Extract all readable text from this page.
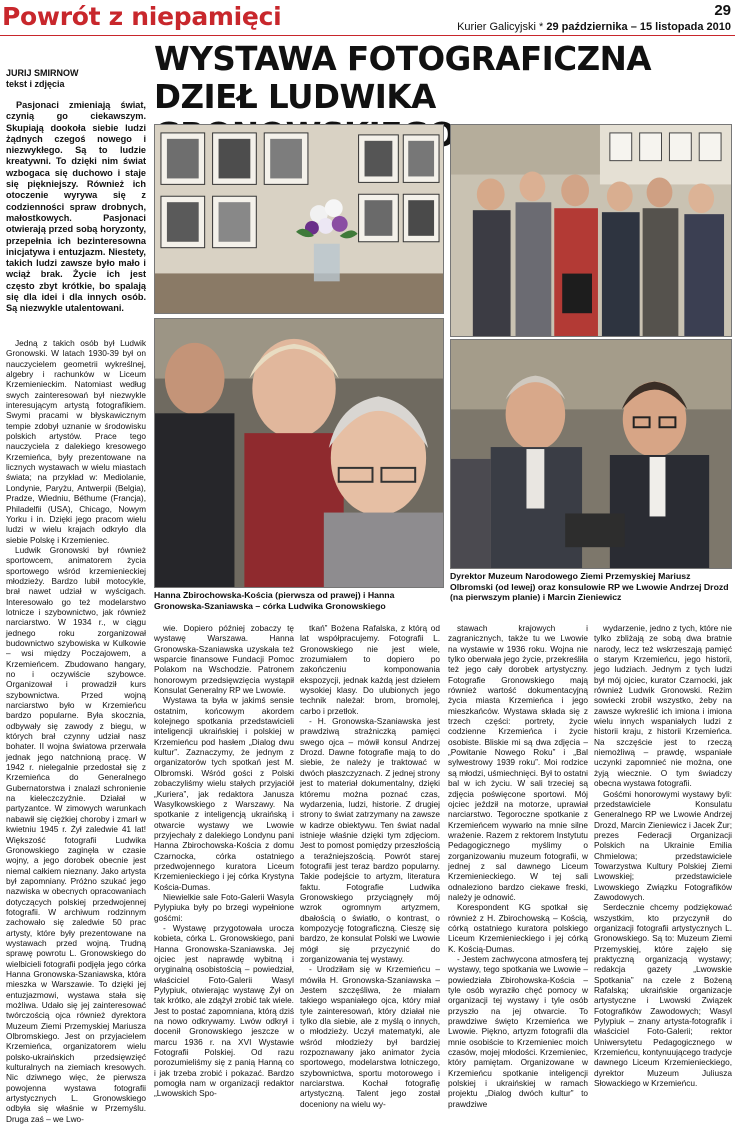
Powrót z niepamięci	29
Kurier Galicyjski * 29 października – 15 listopada 2010
WYSTAWA FOTOGRAFICZNA DZIEŁ LUDWIKA
JURIJ SMIRNOW
tekst i zdjęcia

Pasjonaci zmieniają świat, czynią go ciekawszym. Skupiają dookoła siebie ludzi żądnych czegoś nowego i niezwykłego. Są to ludzie kreatywni. To dzięki nim świat wzbogaca się duchowo i staje się piękniejszy. Również ich otoczenie wyrywa się z codzienności spraw drobnych, małostkowych. Pasjonaci otwierają przed sobą horyzonty, przepełnia ich bezinteresowna inicjatywa i entuzjazm. Niestety, takich ludzi zawsze było mało i wciąż brak. Życie ich jest często zbyt krótkie, bo spalają się dla idei i dla innych osób. Są niezwykle utalentowani.

Jedną z takich osób był Ludwik Gronowski. W latach 1930-39 był on nauczycielem geometrii wykreślnej, algebry i rachunków w Liceum Krzemienieckim. Natomiast według swych zainteresowań był niezwykle interesującym artystą fotografikiem. Swymi pracami w błyskawicznym tempie zdobył uznanie w środowisku polskich artystów. Prace tego nauczyciela z dalekiego kresowego Krzemieńca, były prezentowane na licznych wystawach w wielu miastach świata; na przykład w: Mediolanie, Londynie, Paryżu, Antwerpii (Belgia), Pradze, Wiedniu, Béthume (Francja), Philadelfii (USA), Chicago, Nowym Yorku i in. Dzięki jego pracom wielu ludzi w wielu krajach odkryło dla siebie Polskę i Krzemieniec.

Ludwik Gronowski był również sportowcem, animatorem życia sportowego wśród krzemienieckiej młodzieży. Bardzo lubił motocykle, brał nawet udział w wyścigach. Interesowało go też modelarstwo lotnicze i szybownictwo, jak również narciarstwo. W 1934 r., w ciągu jednego roku zorganizował budownictwo szybowiska w Kulkowie – wsi między Poczajowem, a Krzemieńcem. Zbudowano hangary, no i oczywiście szybowce. Organizował i prowadził kurs szybownictwa. Przed wojną narciarstwo było w Krzemieńcu bardzo popularne. Była skocznia, odbywały się zawody z biegu, w których brał czynny udział nasz bohater. II wojna światowa przerwała jednak jego natchnioną pracę. W 1942 r. nielegalnie przedostał się z Krzemieńca do Generalnego Gubernatorstwa i znalazł schronienie na kieleczczyźnie. Działał w partyzantce. W zimowych warunkach nabawił się ciężkiej choroby i zmarł w kwietniu 1945 r. Żył zaledwie 41 lat! Większość fotografii Ludwika Gronowskiego zaginęła w czasie wojny, a jego dorobek obecnie jest niemal całkiem nieznany. Jako artysta był zapomniany. Próżno szukać jego nazwiska w obecnych opracowaniach dotyczących polskiej przedwojennej fotografii. W archiwum rodzinnym zachowało się zaledwie 50 prac artysty, które były prezentowane na wystawach przed wojną. Trudną sprawę powrotu L. Gronowskiego do wielbicieli fotografii podjęła jego córka Hanna Gronowska-Szaniawska, która mieszka w Warszawie. To dzięki jej entuzjazmowi, wystawa stała się możliwa. Udało się jej zainteresować twórczością ojca również dyrektora Muzeum Ziemi Przemyskiej Mariusza Olbromskiego. Jest on przyjacielem Krzemieńca, organizatorem wielu polsko-ukraińskich przedsięwzięć kulturalnych na ziemiach kresowych. Nic dziwnego więc, że pierwsza powojenna wystawa fotografii artystycznych L. Gronowskiego odbyła się właśnie w Przemyślu. Druga zaś – we Lwo-

wie. Dopiero później zobaczy tę wystawę Warszawa. Hanna Gronowska-Szaniawska uzyskała też wsparcie finansowe Fundacji Pomoc Polakom na Wschodzie. Patronem honorowym przedsięwzięcia wystąpił Konsulat Generalny RP we Lwowie.

Wystawa ta była w jakimś sensie ostatnim, końcowym akordem kolejnego spotkania przedstawicieli inteligencji ukraińskiej i polskiej w Krzemieńcu pod hasłem „Dialog dwu kultur”. Zaznaczymy, że jednym z organizatorów tych spotkań jest M. Olbromski. Wśród gości z Polski zobaczyliśmy wielu stałych przyjaciół „Kuriera”, jak redaktora Janusza Wasylkowskiego z Warszawy. Na spotkanie z inteligencją ukraińską i otwarcie wystawy we Lwowie przyjechały z dalekiego Londynu pani Hanna Zbirochowska-Kościa z domu Czarnocka, córka ostatniego przedwojennego kuratora Liceum Krzemienieckiego i jej córka Krystyna Kościa-Dumas.

Niewielkie sale Foto-Galerii Wasyla Pylypiuka były po brzegi wypełnione gośćmi:

- Wystawę przygotowała uroczа kobieta, córka L. Gronowskiego, pani Hanna Gronowska-Szaniawska. Jej ojciec jest naprawdę wybitną i oryginalną osobistością – powiedział, właściciel Foto-Galerii Wasyl Pylypiuk, otwierając wystawę Żył on tak krótko, ale zdążył zrobić tak wiele. Jest to postać zapomniana, którą dziś na nowo odkrywamy. Lwów odkrył i docenił Gronowskiego jeszcze w marcu 1936 r. na XVI Wystawie Fotografii Polskiej. Od razu porozumieliśmy się z panią Hanną co i jak trzeba zrobić i pokazać. Bardzo pomogła nam w organizacji redaktor „Lwowskich Spo-

tkań” Bożena Rafalska, z którą od lat współpracujemy. Fotografii L. Gronowskiego nie jest wiele, zrozumiałem to dopiero po zakończeniu komponowania ekspozycji, jednak każdą jest dziełem wysokiej klasy. Do ulubionych jego technik należał: brom, bromolej, carbo i przetłok.

- H. Gronowska-Szaniawska jest prawdziwą strażniczką pamięci swego ojca – mówił konsul Andrzej Drozd. Dawne fotografie mają to do siebie, że należy je traktować w dwóch płaszczyznach. Z jednej strony jest to materiał dokumentalny, dzięki któremu można poznać czas, wydarzenia, ludzi, historie. Z drugiej strony to świat zatrzymany na zawsze w kadrze obiektywu. Ten świat nadal istnieje właśnie dzięki tym zdjęciom. Jest to pomost pomiędzy przeszłością a teraźniejszością. Powrót starej fotografii jest teraz bardzo popularny. Takie podejście to artyzm, literatura faktu. Fotografie Ludwika Gronowskiego przyciągnęły mój wzrok ogromnym artyzmem, dbałością o światło, o kontrast, o kompozycję fotograficzną. Cieszę się bardzo, że konsulat Polski we Lwowie mógł się przyczynić do zorganizowania tej wystawy.

- Urodziłam się w Krzemieńcu – mówiła H. Gronowska-Szaniawska – Jestem szczęśliwa, że miałam takiego wspaniałego ojca, który miał tyle zainteresowań, który działał nie tylko dla siebie, ale z myślą o innych, o młodzieży. Uczył matematyki, ale wśród młodzieży był bardziej rozpoznawany jako animator życia sportowego, modelarstwa lotniczego, szybownictwa, sportu motorowego i narciarstwa. Kochał fotografię artystyczną. Talent jego został doceniony na wielu wy-

stawach krajowych i zagranicznych, także tu we Lwowie na wystawie w 1936 roku. Wojna nie tylko oberwała jego życie, przekreśliła też jego cały dorobek artystyczny. Fotografie Gronowskiego mają również wartość dokumentacyjną życia miasta Krzemieńca i jego mieszkańców. Wystawa składa się z trzech części: portrety, życie codzienne Krzemieńca i życie osobiste. Bliskie mi są dwa zdjęcia – „Powitanie Nowego Roku” i „Bal sylwestrowy 1939 roku”. Moi rodzice są młodzi, uśmiechnięci. Był to ostatni bal w ich życiu. W sali trzeciej są zdjęcia poświęcone sportowi. Mój ojciec jeździł na motorze, uprawiał narciarstwo. Tegoroczne spotkanie z Krzemieńcem wywarło na mnie silne wrażenie. Razem z rektorem Instytutu Pedagogicznego myślimy o zorganizowaniu muzeum fotografii, w jednej z sal dawnego Liceum Krzemienieckiego. W tej sali odnaleziono bardzo ciekawe freski, należy je odnowić.

Korespondent KG spotkał się również z H. Zbirochowską – Kością, córką ostatniego kuratora polskiego Liceum Krzemienieckiego i jej córką K. Kością-Dumas.

- Jestem zachwycona atmosferą tej wystawy, tego spotkania we Lwowie – powiedziała Zbirohowska-Kościa – tyle osób wyraziło chęć pomocy w organizacji tej wystawy i tyle osób przyszło na jej otwarcie. To prawdziwe święto Krzemieńca we Lwowie. Piękno, artyzm fotografii dla mnie osobiście to Krzemieniec moich czasów, mojej młodości. Krzemieniec, który pamiętam. Organizowane w Krzemieńcu spotkanie inteligencji polskiej i ukraińskiej w ramach projektu „Dialog dwóch kultur” to prawdziwe

wydarzenie, jedno z tych, które nie tylko zbliżają ze sobą dwa bratnie narody, lecz też wskrzeszają pamięć o starym Krzemieńcu, jego historii, jego ludziach. Jednym z tych ludzi był mój ojciec, kurator Czarnocki, jak również Ludwik Gronowski. Reżim sowiecki zrobił wszystko, żeby na zawsze wykreślić ich imiona i imiona wielu innych wspaniałych ludzi z historii kraju, z historii Krzemieńca. Na szczęście jest to rzeczą niemożliwą – prawdę, wspaniałe uczynki zapomnieć nie można, one żyją wiecznie. O tym świadczy obecna wystawa fotografii.

Gośćmi honorowymi wystawy byli: przedstawiciele Konsulatu Generalnego RP we Lwowie Andrzej Drozd, Marcin Zieniewicz i Jacek Żur; prezes Federacji Organizacji Polskich na Ukrainie Emilia Chmielowa; przedstawiciele Towarzystwa Kultury Polskiej Ziemi Lwowskiej; przedstawiciele Lwowskiego Związku Fotografików Zawodowych.

Serdecznie chcemy podziękować wszystkim, kto przyczynił do organizacji fotografii artystycznych L. Gronowskiego. Są to: Muzeum Ziemi Przemyskiej, które zajęło się praktyczną organizacją wystawy; redakcja gazety „Lwowskie Spotkania” na czele z Bożeną Rafalską; ukraińskie organizacje artystyczne i Lwowski Związek Fotografików Zawodowych; Wasyl Pylypiuk – znany artysta-fotografik i właściciel Foto-Galerii; rektor Uniwersytetu Pedagogicznego w Krzemieńcu, kontynuującego tradycje dawnego Liceum Krzemienieckiego, dyrektor Muzeum Juliusza Słowackiego w Krzemieńcu.

Hanna Zbirochowska-Kościa (pierwsza od prawej) i Hanna Gronowska-Szaniawska – córka Ludwika Gronowskiego
Dyrektor Muzeum Narodowego Ziemi Przemyskiej Mariusz Olbromski (od lewej) oraz konsulowie RP we Lwowie Andrzej Drozd (na pierwszym planie) i Marcin Zieniewicz
